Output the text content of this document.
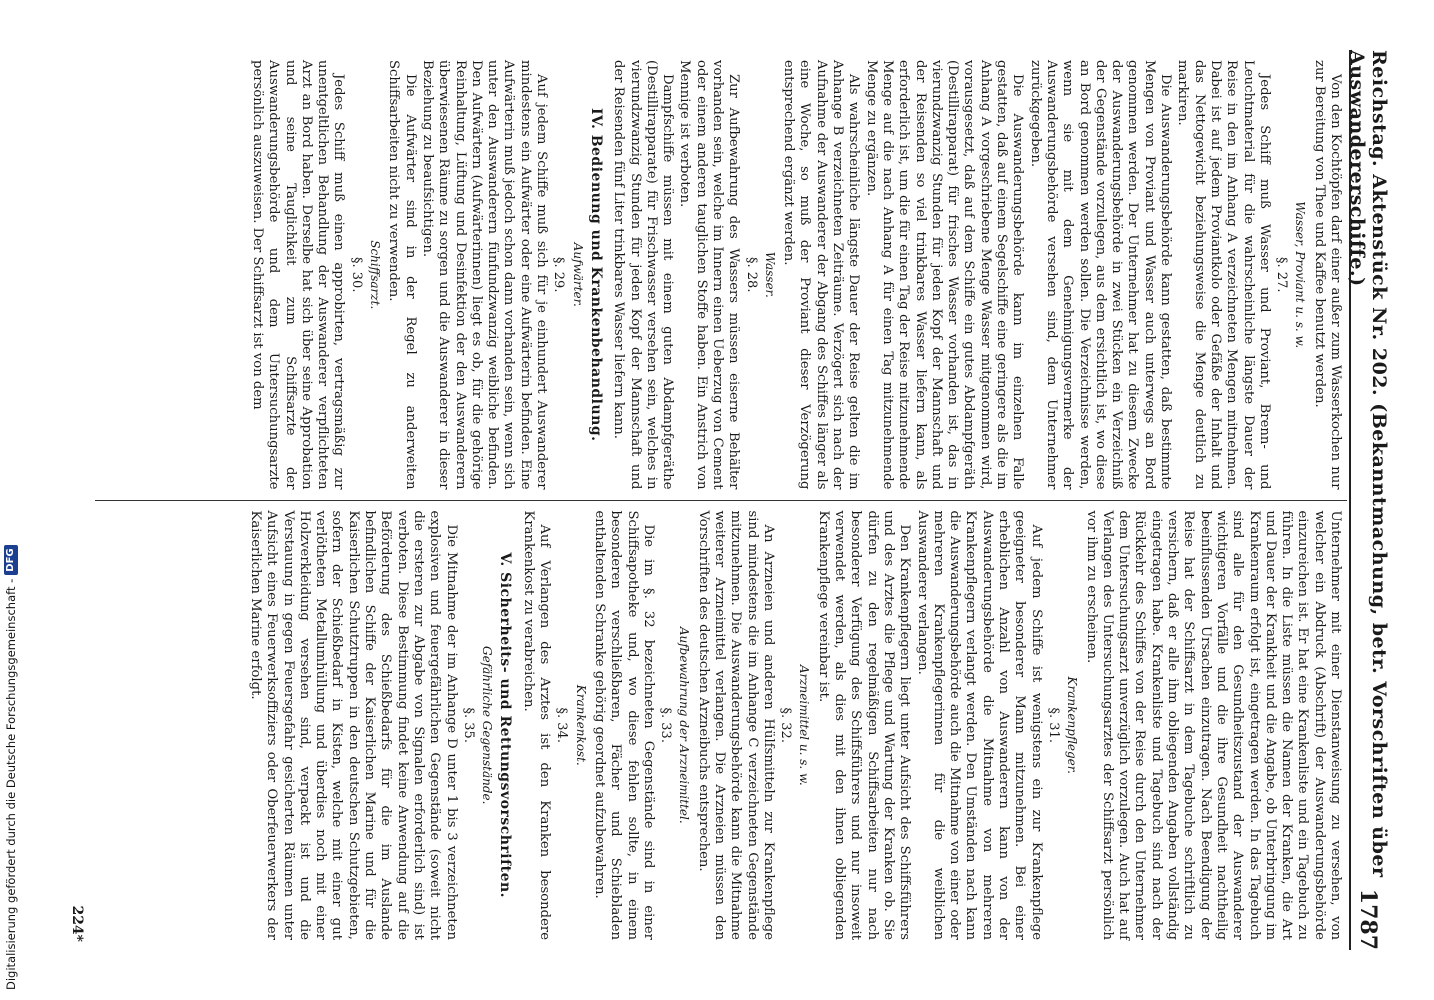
Reichstag. Aktenstück Nr. 202. (Bekanntmachung, betr. Vorschriften über Auswandererschiffe.)
1787

Von den Kochtöpfen darf einer außer zum Wasserkochen nur zur Bereitung von Thee und Kaffee benutzt werden.

Wasser, Proviant u. s. w.
§. 27.

Jedes Schiff muß Wasser und Proviant, Brenn- und Leuchtmaterial für die wahrscheinliche längste Dauer der Reise in den im Anhang A verzeichneten Mengen mitnehmen. Dabei ist auf jedem Proviantkolo oder Gefäße der Inhalt und das Nettogewicht beziehungsweise die Menge deutlich zu markiren.

Die Auswanderungsbehörde kann gestatten, daß bestimmte Mengen von Proviant und Wasser auch unterwegs an Bord genommen werden. Der Unternehmer hat zu diesem Zwecke der Auswanderungsbehörde in zwei Stücken ein Verzeichniß der Gegenstände vorzulegen, aus dem ersichtlich ist, wo diese an Bord genommen werden sollen. Die Verzeichnisse werden, wenn sie mit dem Genehmigungsvermerke der Auswanderungsbehörde versehen sind, dem Unternehmer zurückgegeben.

Die Auswanderungsbehörde kann im einzelnen Falle gestatten, daß auf einem Segelschiffe eine geringere als die im Anhang A vorgeschriebene Menge Wasser mitgenommen wird, vorausgesetzt, daß auf dem Schiffe ein gutes Abdampfgeräth (Destillirapparat) für frisches Wasser vorhanden ist, das in vierundzwanzig Stunden für jeden Kopf der Mannschaft und der Reisenden so viel trinkbares Wasser liefern kann, als erforderlich ist, um die für einen Tag der Reise mitzunehmende Menge auf die nach Anhang A für einen Tag mitzunehmende Menge zu ergänzen.

Als wahrscheinliche längste Dauer der Reise gelten die im Anhange B verzeichneten Zeiträume. Verzögert sich nach der Aufnahme der Auswanderer der Abgang des Schiffes länger als eine Woche, so muß der Proviant dieser Verzögerung entsprechend ergänzt werden.

Wasser.
§. 28.

Zur Aufbewahrung des Wassers müssen eiserne Behälter vorhanden sein, welche im Innern einen Ueberzug von Cement oder einem anderen tauglichen Stoffe haben. Ein Anstrich von Mennige ist verboten.

Dampfschiffe müssen mit einem guten Abdampfgeräthe (Destillirapparate) für Frischwasser versehen sein, welches in vierundzwanzig Stunden für jeden Kopf der Mannschaft und der Reisenden fünf Liter trinkbares Wasser liefern kann.

IV. Bedienung und Krankenbehandlung.
Aufwärter.
§. 29.

Auf jedem Schiffe muß sich für je einhundert Auswanderer mindestens ein Aufwärter oder eine Aufwärterin befinden. Eine Aufwärterin muß jedoch schon dann vorhanden sein, wenn sich unter den Auswanderern fünfundzwanzig weibliche befinden. Den Aufwärtern (Aufwärterinnen) liegt es ob, für die gehörige Reinhaltung, Lüftung und Desinfektion der den Auswanderern überwiesenen Räume zu sorgen und die Auswanderer in dieser Beziehung zu beaufsichtigen.

Die Aufwärter sind in der Regel zu anderweiten Schiffsarbeiten nicht zu verwenden.

Schiffsarzt.
§. 30.

Jedes Schiff muß einen approbirten, vertragsmäßig zur unentgeltlichen Behandlung der Auswanderer verpflichteten Arzt an Bord haben. Derselbe hat sich über seine Approbation und seine Tauglichkeit zum Schiffsarzte der Auswanderungsbehörde und dem Untersuchungsarzte persönlich auszuweisen. Der Schiffsarzt ist von dem

Unternehmer mit einer Dienstanweisung zu versehen, von welcher ein Abdruck (Abschrift) der Auswanderungsbehörde einzureichen ist. Er hat eine Krankenliste und ein Tagebuch zu führen. In die Liste müssen die Namen der Kranken, die Art und Dauer der Krankheit und die Angabe, ob Unterbringung im Krankenraum erfolgt ist, eingetragen werden. In das Tagebuch sind alle für den Gesundheitszustand der Auswanderer wichtigeren Vorfälle und die ihre Gesundheit nachtheilig beeinflussenden Ursachen einzutragen. Nach Beendigung der Reise hat der Schiffsarzt in dem Tagebuche schriftlich zu versichern, daß er alle ihm obliegenden Angaben vollständig eingetragen habe. Krankenliste und Tagebuch sind nach der Rückkehr des Schiffes von der Reise durch den Unternehmer dem Untersuchungsarzt unverzüglich vorzulegen. Auch hat auf Verlangen des Untersuchungsarztes der Schiffsarzt persönlich vor ihm zu erscheinen.

Krankenpfleger.
§. 31.

Auf jedem Schiffe ist wenigstens ein zur Krankenpflege geeigneter besonderer Mann mitzunehmen. Bei einer erheblichen Anzahl von Auswanderern kann von der Auswanderungsbehörde die Mitnahme von mehreren Krankenpflegern verlangt werden. Den Umständen nach kann die Auswanderungsbehörde auch die Mitnahme von einer oder mehreren Krankenpflegerinnen für die weiblichen Auswanderer verlangen.

Den Krankenpflegern liegt unter Aufsicht des Schiffsführers und des Arztes die Pflege und Wartung der Kranken ob. Sie dürfen zu den regelmäßigen Schiffsarbeiten nur nach besonderer Verfügung des Schiffsführers und nur insoweit verwendet werden, als dies mit den ihnen obliegenden Krankenpflege vereinbar ist.

Arzneimittel u. s. w.
§. 32.

An Arzneien und anderen Hülfsmitteln zur Krankenpflege sind mindestens die im Anhange C verzeichneten Gegenstände mitzunehmen. Die Auswanderungsbehörde kann die Mitnahme weiterer Arzneimittel verlangen. Die Arzneien müssen den Vorschriften des deutschen Arzneibuchs entsprechen.

Aufbewahrung der Arzneimittel.
§. 33.

Die im §. 32 bezeichneten Gegenstände sind in einer Schiffsapotheke und, wo diese fehlen sollte, in einem besonderen verschließbaren, Fächer und Schiebladen enthaltenden Schranke gehörig geordnet aufzubewahren.

Krankenkost.
§. 34.

Auf Verlangen des Arztes ist den Kranken besondere Krankenkost zu verabreichen.

V. Sicherheits- und Rettungsvorschriften.
Gefährliche Gegenstände.
§. 35.

Die Mitnahme der im Anhange D unter 1 bis 3 verzeichneten explosiven und feuergefährlichen Gegenstände (soweit nicht die ersteren zur Abgabe von Signalen erforderlich sind) ist verboten. Diese Bestimmung findet keine Anwendung auf die Beförderung des Schießbedarfs für die im Auslande befindlichen Schiffe der Kaiserlichen Marine und für die Kaiserlichen Schutztruppen in den deutschen Schutzgebieten, sofern der Schießbedarf in Kisten, welche mit einer gut verlötheten Metallumhüllung und überdies noch mit einer Holzverkleidung versehen sind, verpackt ist und die Verstauung in gegen Feuersgefahr gesicherten Räumen unter Aufsicht eines Feuerwerksoffiziers oder Oberfeuerwerkers der Kaiserlichen Marine erfolgt.

224*
Digitalisierung gefördert durch die Deutsche Forschungsgemeinschaft -
DFG
